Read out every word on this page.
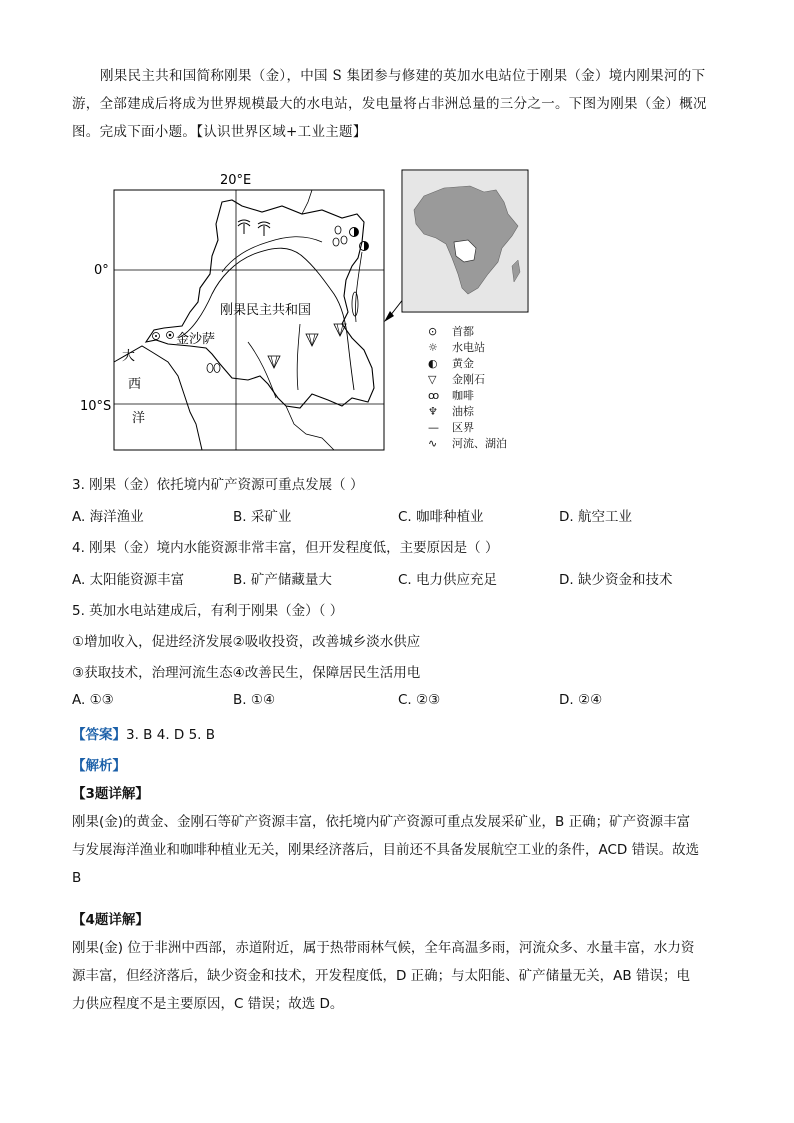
刚果民主共和国简称刚果（金），中国 S 集团参与修建的英加水电站位于刚果（金）境内刚果河的下

游，全部建成后将成为世界规模最大的水电站，发电量将占非洲总量的三分之一。下图为刚果（金）概况

图。完成下面小题。【认识世界区域+工业主题】

20°E
0°
10°S
刚果民主共和国
金沙萨
大
西
洋
⊙ 首都
☼ 水电站
◐ 黄金
▽ 金刚石
ꝏ 咖啡
♆ 油棕
— 区界
∿ 河流、湖泊
3. 刚果（金）依托境内矿产资源可重点发展（ ）
A. 海洋渔业	B. 采矿业	C. 咖啡种植业	D. 航空工业
4. 刚果（金）境内水能资源非常丰富，但开发程度低，主要原因是（ ）
A. 太阳能资源丰富	B. 矿产储藏量大	C. 电力供应充足	D. 缺少资金和技术
5. 英加水电站建成后，有利于刚果（金）（ ）
①增加收入，促进经济发展②吸收投资，改善城乡淡水供应
③获取技术，治理河流生态④改善民生，保障居民生活用电
A. ①③	B. ①④	C. ②③	D. ②④
【答案】3. B 4. D 5. B
【解析】

【3题详解】

刚果(金)的黄金、金刚石等矿产资源丰富，依托境内矿产资源可重点发展采矿业，B 正确；矿产资源丰富

与发展海洋渔业和咖啡种植业无关，刚果经济落后，目前还不具备发展航空工业的条件，ACD 错误。故选

B

【4题详解】

刚果(金) 位于非洲中西部，赤道附近，属于热带雨林气候，全年高温多雨，河流众多、水量丰富，水力资

源丰富，但经济落后，缺少资金和技术，开发程度低，D 正确；与太阳能、矿产储量无关，AB 错误；电

力供应程度不是主要原因，C 错误；故选 D。
